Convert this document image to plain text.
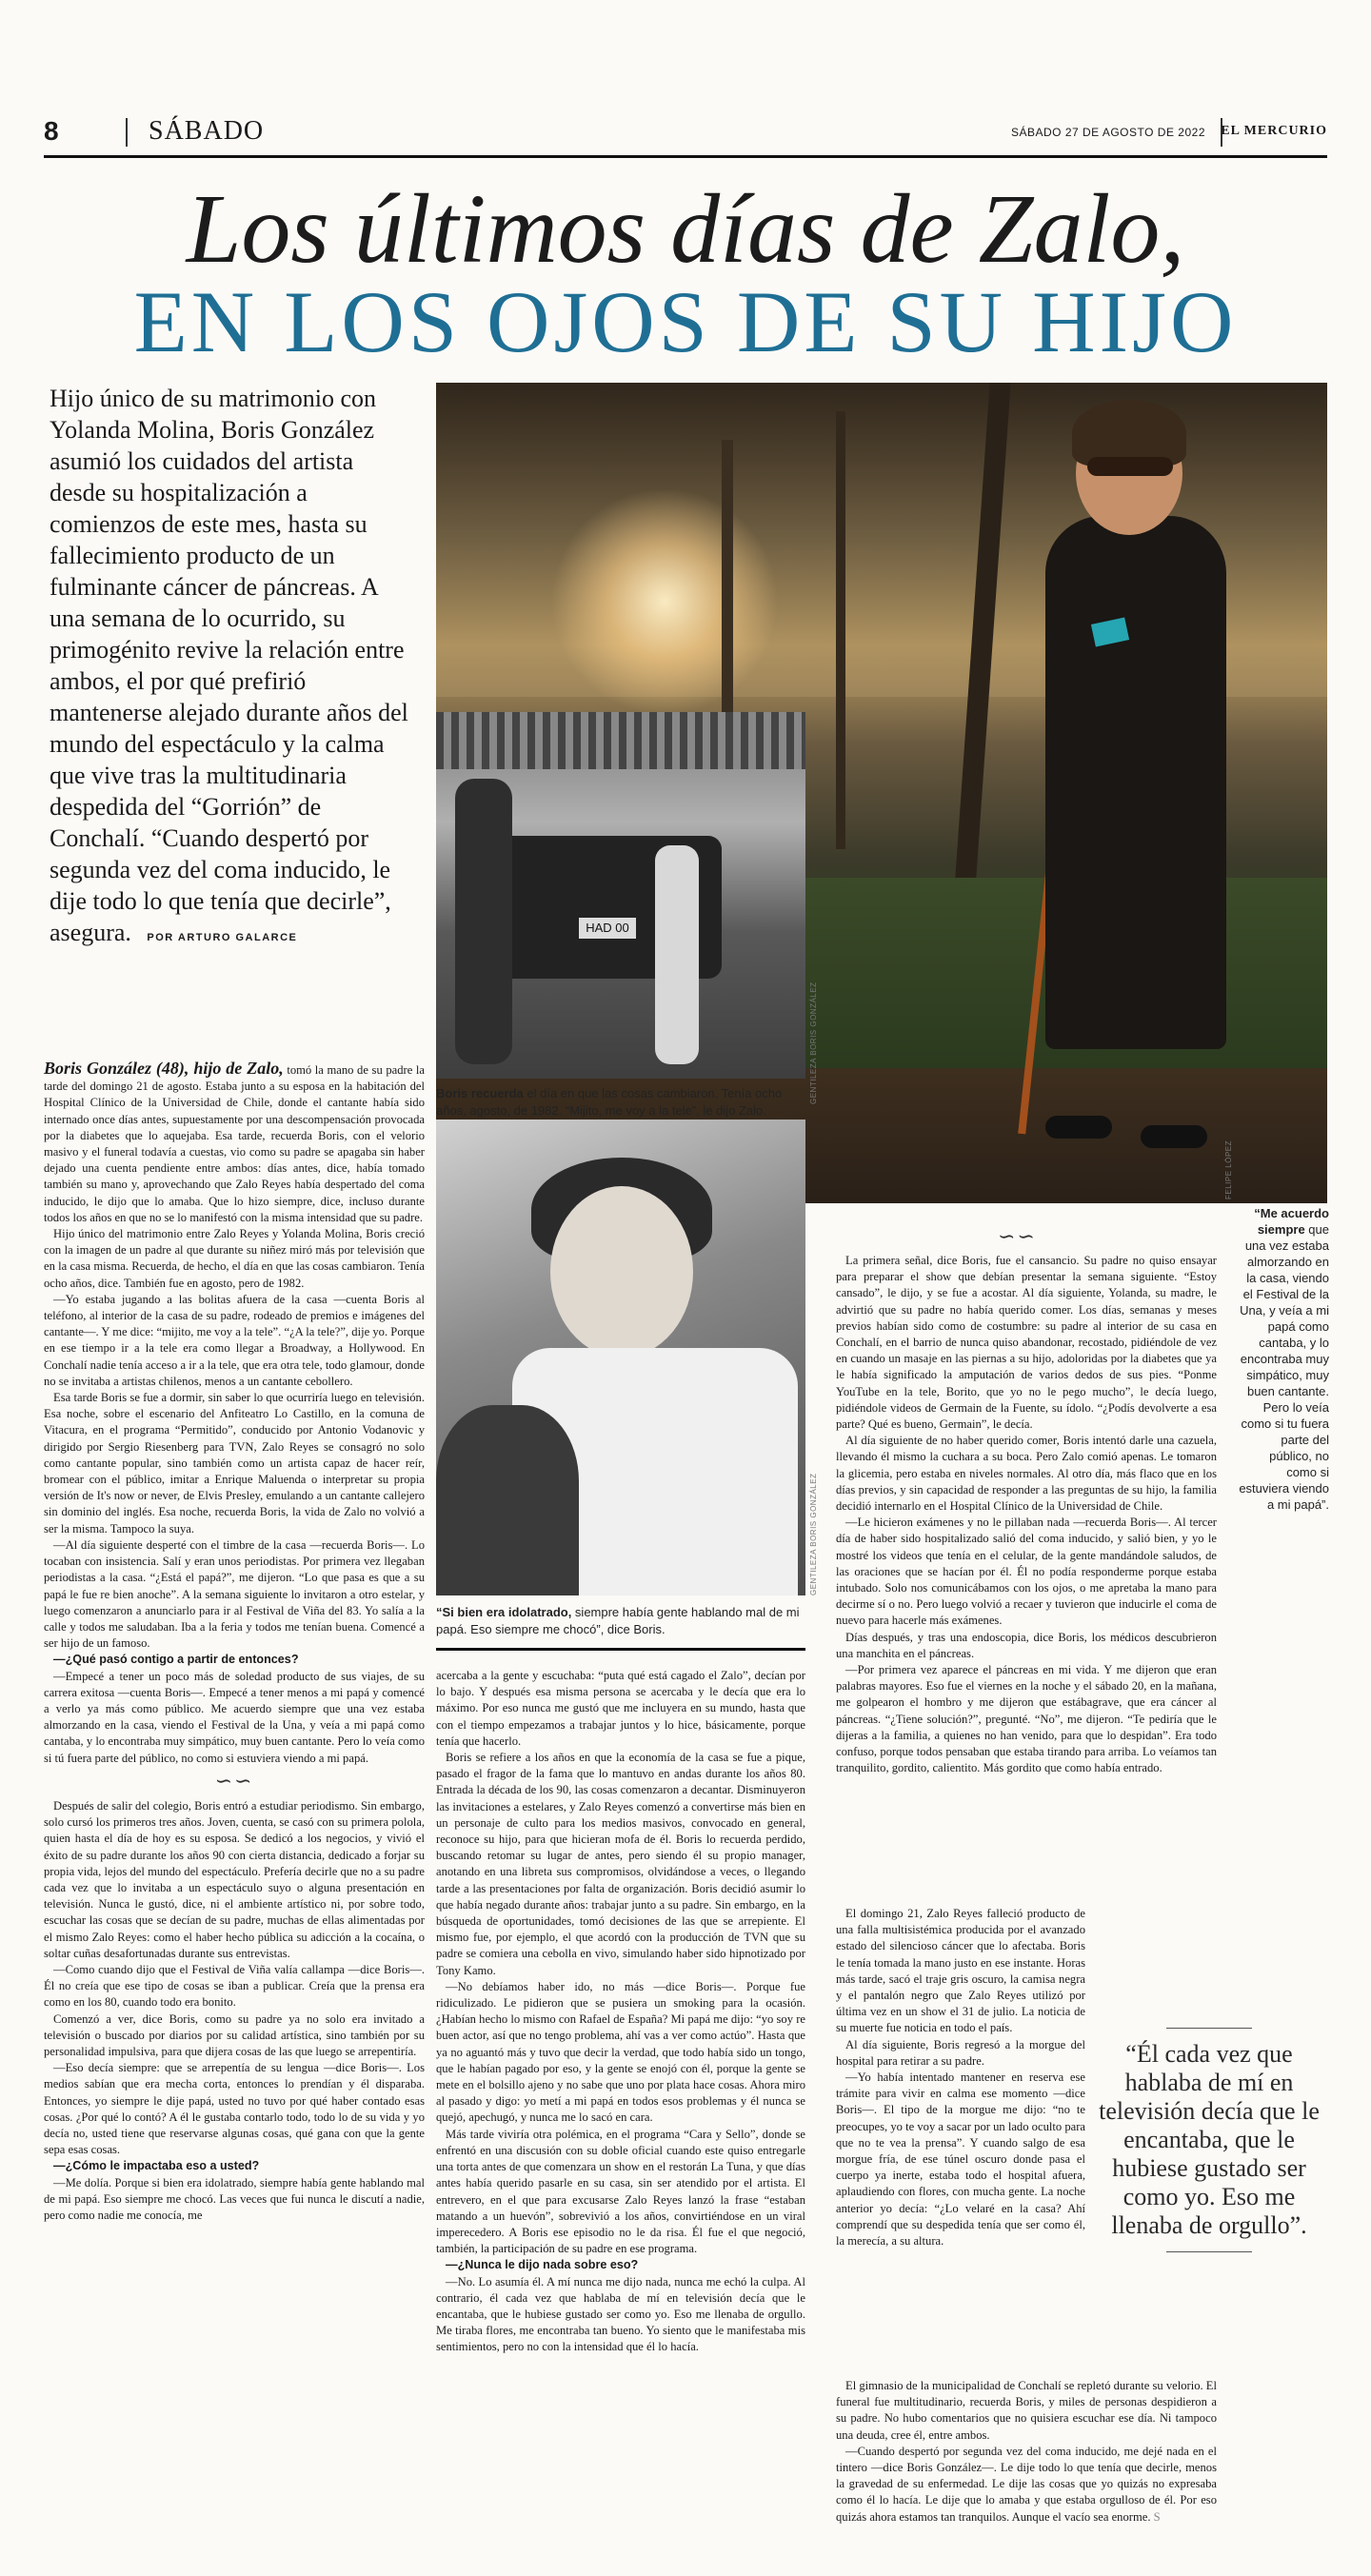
8	SÁBADO	SÁBADO 27 DE AGOSTO DE 2022 EL MERCURIO
Los últimos días de Zalo,
EN LOS OJOS DE SU HIJO
Hijo único de su matrimonio con Yolanda Molina, Boris González asumió los cuidados del artista desde su hospitalización a comienzos de este mes, hasta su fallecimiento producto de un fulminante cáncer de páncreas. A una semana de lo ocurrido, su primogénito revive la relación entre ambos, el por qué prefirió mantenerse alejado durante años del mundo del espectáculo y la calma que vive tras la multitudinaria despedida del “Gorrión” de Conchalí. “Cuando despertó por segunda vez del coma inducido, le dije todo lo que tenía que decirle”, asegura. POR ARTURO GALARCE
FELIPE LÓPEZ
HAD 00
GENTILEZA BORIS GONZÁLEZ
Boris recuerda el día en que las cosas cambiaron. Tenía ocho años, agosto, de 1982. “Mijito, me voy a la tele”, le dijo Zalo.
GENTILEZA BORIS GONZÁLEZ
“Si bien era idolatrado, siempre había gente hablando mal de mi papá. Eso siempre me chocó”, dice Boris.
“Me acuerdo siempre que una vez estaba almorzando en la casa, viendo el Festival de la Una, y veía a mi papá como cantaba, y lo encontraba muy simpático, muy buen cantante. Pero lo veía como si tu fuera parte del público, no como si estuviera viendo a mi papá”.

Boris González (48), hijo de Zalo, tomó la mano de su padre la tarde del domingo 21 de agosto. Estaba junto a su esposa en la habitación del Hospital Clínico de la Universidad de Chile, donde el cantante había sido internado once días antes, supuestamente por una descompensación provocada por la diabetes que lo aquejaba. Esa tarde, recuerda Boris, con el velorio masivo y el funeral todavía a cuestas, vio como su padre se apagaba sin haber dejado una cuenta pendiente entre ambos: días antes, dice, había tomado también su mano y, aprovechando que Zalo Reyes había despertado del coma inducido, le dijo que lo amaba. Que lo hizo siempre, dice, incluso durante todos los años en que no se lo manifestó con la misma intensidad que su padre.

Hijo único del matrimonio entre Zalo Reyes y Yolanda Molina, Boris creció con la imagen de un padre al que durante su niñez miró más por televisión que en la casa misma. Recuerda, de hecho, el día en que las cosas cambiaron. Tenía ocho años, dice. También fue en agosto, pero de 1982.

—Yo estaba jugando a las bolitas afuera de la casa —cuenta Boris al teléfono, al interior de la casa de su padre, rodeado de premios e imágenes del cantante—. Y me dice: “mijito, me voy a la tele”. “¿A la tele?”, dije yo. Porque en ese tiempo ir a la tele era como llegar a Broadway, a Hollywood. En Conchalí nadie tenía acceso a ir a la tele, que era otra tele, todo glamour, donde no se invitaba a artistas chilenos, menos a un cantante cebollero.

Esa tarde Boris se fue a dormir, sin saber lo que ocurriría luego en televisión. Esa noche, sobre el escenario del Anfiteatro Lo Castillo, en la comuna de Vitacura, en el programa “Permitido”, conducido por Antonio Vodanovic y dirigido por Sergio Riesenberg para TVN, Zalo Reyes se consagró no solo como cantante popular, sino también como un artista capaz de hacer reír, bromear con el público, imitar a Enrique Maluenda o interpretar su propia versión de It's now or never, de Elvis Presley, emulando a un cantante callejero sin dominio del inglés. Esa noche, recuerda Boris, la vida de Zalo no volvió a ser la misma. Tampoco la suya.

—Al día siguiente desperté con el timbre de la casa —recuerda Boris—. Lo tocaban con insistencia. Salí y eran unos periodistas. Por primera vez llegaban periodistas a la casa. “¿Está el papá?”, me dijeron. “Lo que pasa es que a su papá le fue re bien anoche”. A la semana siguiente lo invitaron a otro estelar, y luego comenzaron a anunciarlo para ir al Festival de Viña del 83. Yo salía a la calle y todos me saludaban. Iba a la feria y todos me tenían buena. Comencé a ser hijo de un famoso.

—¿Qué pasó contigo a partir de entonces?

—Empecé a tener un poco más de soledad producto de sus viajes, de su carrera exitosa —cuenta Boris—. Empecé a tener menos a mi papá y comencé a verlo ya más como público. Me acuerdo siempre que una vez estaba almorzando en la casa, viendo el Festival de la Una, y veía a mi papá como cantaba, y lo encontraba muy simpático, muy buen cantante. Pero lo veía como si tú fuera parte del público, no como si estuviera viendo a mi papá.

∽∽

Después de salir del colegio, Boris entró a estudiar periodismo. Sin embargo, solo cursó los primeros tres años. Joven, cuenta, se casó con su primera polola, quien hasta el día de hoy es su esposa. Se dedicó a los negocios, y vivió el éxito de su padre durante los años 90 con cierta distancia, dedicado a forjar su propia vida, lejos del mundo del espectáculo. Prefería decirle que no a su padre cada vez que lo invitaba a un espectáculo suyo o alguna presentación en televisión. Nunca le gustó, dice, ni el ambiente artístico ni, por sobre todo, escuchar las cosas que se decían de su padre, muchas de ellas alimentadas por el mismo Zalo Reyes: como el haber hecho pública su adicción a la cocaína, o soltar cuñas desafortunadas durante sus entrevistas.

—Como cuando dijo que el Festival de Viña valía callampa —dice Boris—. Él no creía que ese tipo de cosas se iban a publicar. Creía que la prensa era como en los 80, cuando todo era bonito.

Comenzó a ver, dice Boris, como su padre ya no solo era invitado a televisión o buscado por diarios por su calidad artística, sino también por su personalidad impulsiva, para que dijera cosas de las que luego se arrepentiría.

—Eso decía siempre: que se arrepentía de su lengua —dice Boris—. Los medios sabían que era mecha corta, entonces lo prendían y él disparaba. Entonces, yo siempre le dije papá, usted no tuvo por qué haber contado esas cosas. ¿Por qué lo contó? A él le gustaba contarlo todo, todo lo de su vida y yo decía no, usted tiene que reservarse algunas cosas, qué gana con que la gente sepa esas cosas.

—¿Cómo le impactaba eso a usted?

—Me dolía. Porque si bien era idolatrado, siempre había gente hablando mal de mi papá. Eso siempre me chocó. Las veces que fui nunca le discutí a nadie, pero como nadie me conocía, me

acercaba a la gente y escuchaba: “puta qué está cagado el Zalo”, decían por lo bajo. Y después esa misma persona se acercaba y le decía que era lo máximo. Por eso nunca me gustó que me incluyera en su mundo, hasta que con el tiempo empezamos a trabajar juntos y lo hice, básicamente, porque tenía que hacerlo.

Boris se refiere a los años en que la economía de la casa se fue a pique, pasado el fragor de la fama que lo mantuvo en andas durante los años 80. Entrada la década de los 90, las cosas comenzaron a decantar. Disminuyeron las invitaciones a estelares, y Zalo Reyes comenzó a convertirse más bien en un personaje de culto para los medios masivos, convocado en general, reconoce su hijo, para que hicieran mofa de él. Boris lo recuerda perdido, buscando retomar su lugar de antes, pero siendo él su propio manager, anotando en una libreta sus compromisos, olvidándose a veces, o llegando tarde a las presentaciones por falta de organización. Boris decidió asumir lo que había negado durante años: trabajar junto a su padre. Sin embargo, en la búsqueda de oportunidades, tomó decisiones de las que se arrepiente. El mismo fue, por ejemplo, el que acordó con la producción de TVN que su padre se comiera una cebolla en vivo, simulando haber sido hipnotizado por Tony Kamo.

—No debíamos haber ido, no más —dice Boris—. Porque fue ridiculizado. Le pidieron que se pusiera un smoking para la ocasión. ¿Habían hecho lo mismo con Rafael de España? Mi papá me dijo: “yo soy re buen actor, así que no tengo problema, ahí vas a ver como actúo”. Hasta que ya no aguantó más y tuvo que decir la verdad, que todo había sido un tongo, que le habían pagado por eso, y la gente se enojó con él, porque la gente se mete en el bolsillo ajeno y no sabe que uno por plata hace cosas. Ahora miro al pasado y digo: yo metí a mi papá en todos esos problemas y él nunca se quejó, apechugó, y nunca me lo sacó en cara.

Más tarde viviría otra polémica, en el programa “Cara y Sello”, donde se enfrentó en una discusión con su doble oficial cuando este quiso entregarle una torta antes de que comenzara un show en el restorán La Tuna, y que días antes había querido pasarle en su casa, sin ser atendido por el artista. El entrevero, en el que para excusarse Zalo Reyes lanzó la frase “estaban matando a un huevón”, sobrevivió a los años, convirtiéndose en un viral imperecedero. A Boris ese episodio no le da risa. Él fue el que negoció, también, la participación de su padre en ese programa.

—¿Nunca le dijo nada sobre eso?

—No. Lo asumía él. A mí nunca me dijo nada, nunca me echó la culpa. Al contrario, él cada vez que hablaba de mí en televisión decía que le encantaba, que le hubiese gustado ser como yo. Eso me llenaba de orgullo. Me tiraba flores, me encontraba tan bueno. Yo siento que le manifestaba mis sentimientos, pero no con la intensidad que él lo hacía.

∽∽

La primera señal, dice Boris, fue el cansancio. Su padre no quiso ensayar para preparar el show que debían presentar la semana siguiente. “Estoy cansado”, le dijo, y se fue a acostar. Al día siguiente, Yolanda, su madre, le advirtió que su padre no había querido comer. Los días, semanas y meses previos habían sido como de costumbre: su padre al interior de su casa en Conchalí, en el barrio de nunca quiso abandonar, recostado, pidiéndole de vez en cuando un masaje en las piernas a su hijo, adoloridas por la diabetes que ya le había significado la amputación de varios dedos de sus pies. “Ponme YouTube en la tele, Borito, que yo no le pego mucho”, le decía luego, pidiéndole videos de Germain de la Fuente, su ídolo. “¿Podís devolverte a esa parte? Qué es bueno, Germain”, le decía.

Al día siguiente de no haber querido comer, Boris intentó darle una cazuela, llevando él mismo la cuchara a su boca. Pero Zalo comió apenas. Le tomaron la glicemia, pero estaba en niveles normales. Al otro día, más flaco que en los días previos, y sin capacidad de responder a las preguntas de su hijo, la familia decidió internarlo en el Hospital Clínico de la Universidad de Chile.

—Le hicieron exámenes y no le pillaban nada —recuerda Boris—. Al tercer día de haber sido hospitalizado salió del coma inducido, y salió bien, y yo le mostré los videos que tenía en el celular, de la gente mandándole saludos, de las oraciones que se hacían por él. Él no podía responderme porque estaba intubado. Solo nos comunicábamos con los ojos, o me apretaba la mano para decirme sí o no. Pero luego volvió a recaer y tuvieron que inducirle el coma de nuevo para hacerle más exámenes.

Días después, y tras una endoscopia, dice Boris, los médicos descubrieron una manchita en el páncreas.

—Por primera vez aparece el páncreas en mi vida. Y me dijeron que eran palabras mayores. Eso fue el viernes en la noche y el sábado 20, en la mañana, me golpearon el hombro y me dijeron que estábagrave, que era cáncer al páncreas. “¿Tiene solución?”, pregunté. “No”, me dijeron. “Te pediría que le dijeras a la familia, a quienes no han venido, para que lo despidan”. Era todo confuso, porque todos pensaban que estaba tirando para arriba. Lo veíamos tan tranquilito, gordito, calientito. Más gordito que como había entrado.

El domingo 21, Zalo Reyes falleció producto de una falla multisistémica producida por el avanzado estado del silencioso cáncer que lo afectaba. Boris le tenía tomada la mano justo en ese instante. Horas más tarde, sacó el traje gris oscuro, la camisa negra y el pantalón negro que Zalo Reyes utilizó por última vez en un show el 31 de julio. La noticia de su muerte fue noticia en todo el país.

Al día siguiente, Boris regresó a la morgue del hospital para retirar a su padre.

—Yo había intentado mantener en reserva ese trámite para vivir en calma ese momento —dice Boris—. El tipo de la morgue me dijo: “no te preocupes, yo te voy a sacar por un lado oculto para que no te vea la prensa”. Y cuando salgo de esa morgue fría, de ese túnel oscuro donde pasa el cuerpo ya inerte, estaba todo el hospital afuera, aplaudiendo con flores, con mucha gente. La noche anterior yo decía: “¿Lo velaré en la casa? Ahí comprendí que su despedida tenía que ser como él, la merecía, a su altura.

El gimnasio de la municipalidad de Conchalí se repletó durante su velorio. El funeral fue multitudinario, recuerda Boris, y miles de personas despidieron a su padre. No hubo comentarios que no quisiera escuchar ese día. Ni tampoco una deuda, cree él, entre ambos.

—Cuando despertó por segunda vez del coma inducido, me dejé nada en el tintero —dice Boris González—. Le dije todo lo que tenía que decirle, menos la gravedad de su enfermedad. Le dije las cosas que yo quizás no expresaba como él lo hacía. Le dije que lo amaba y que estaba orgulloso de él. Por eso quizás ahora estamos tan tranquilos. Aunque el vacío sea enorme. S

“Él cada vez que hablaba de mí en televisión decía que le encantaba, que le hubiese gustado ser como yo. Eso me llenaba de orgullo”.
